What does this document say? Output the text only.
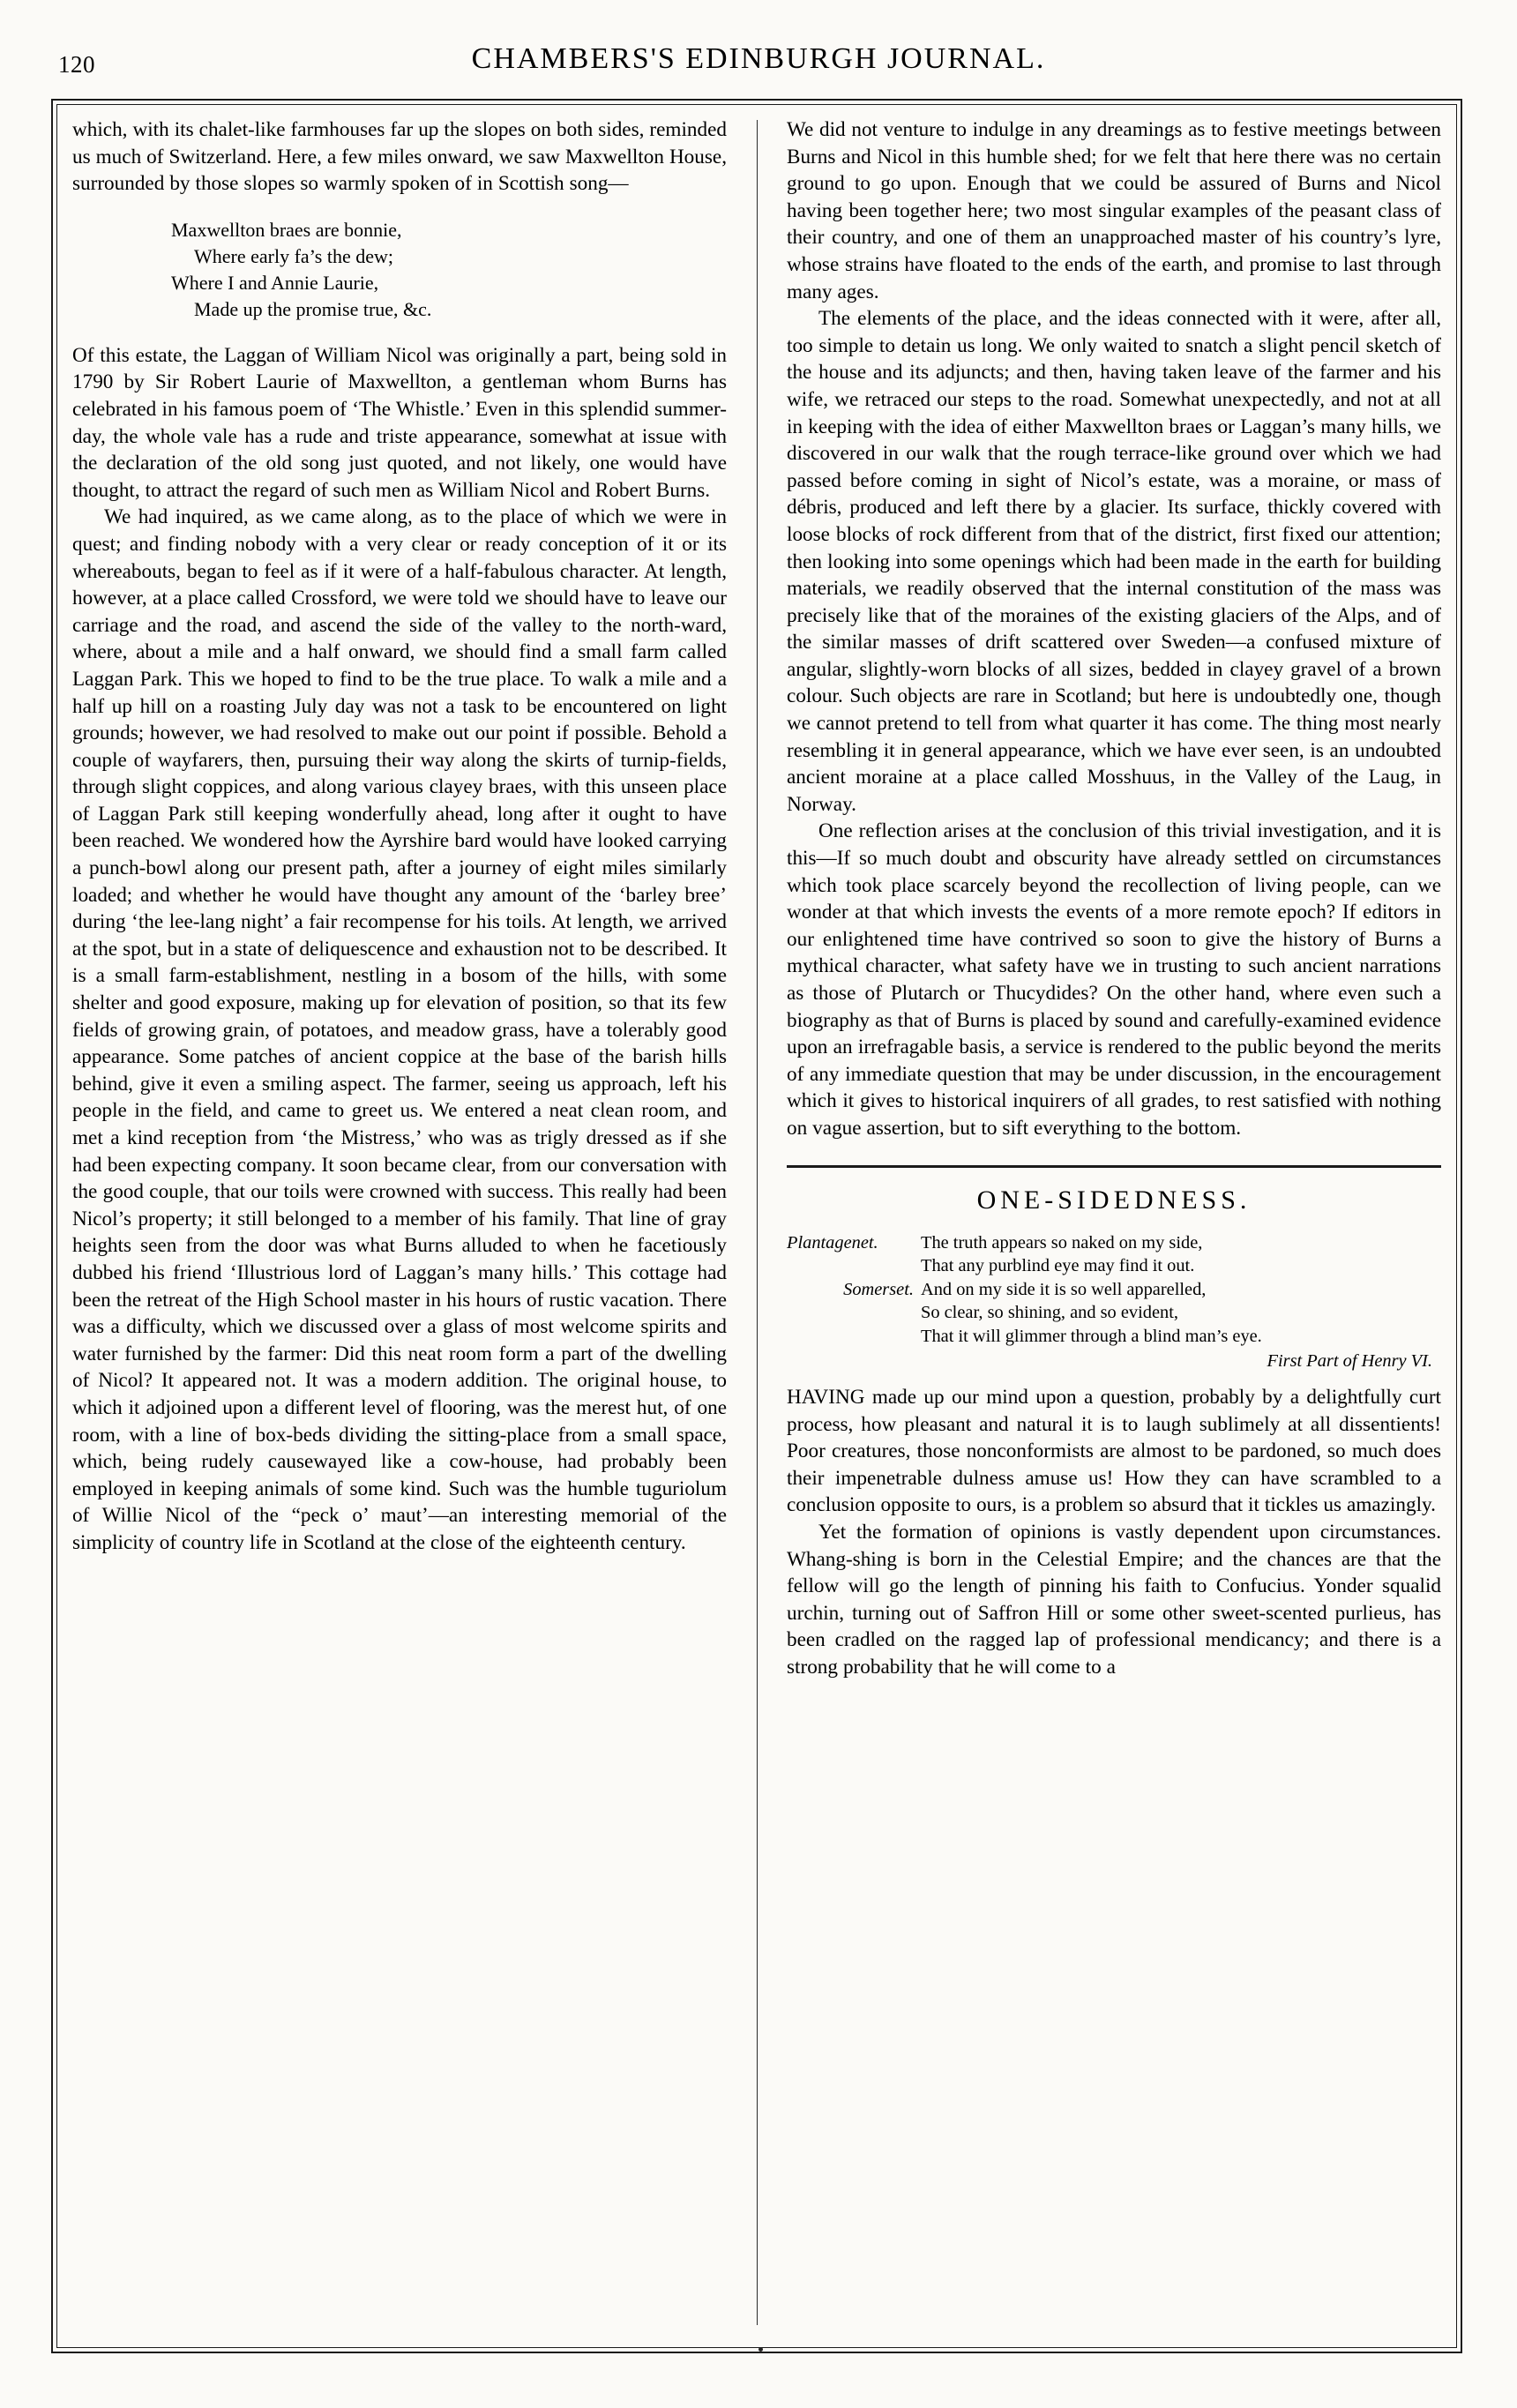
120	CHAMBERS'S EDINBURGH JOURNAL.

which, with its chalet-like farmhouses far up the slopes on both sides, reminded us much of Switzerland. Here, a few miles onward, we saw Maxwellton House, surrounded by those slopes so warmly spoken of in Scottish song—

Maxwellton braes are bonnie,
Where early fa’s the dew;
Where I and Annie Laurie,
Made up the promise true, &c.

Of this estate, the Laggan of William Nicol was originally a part, being sold in 1790 by Sir Robert Laurie of Maxwellton, a gentleman whom Burns has celebrated in his famous poem of ‘The Whistle.’ Even in this splendid summer-day, the whole vale has a rude and triste appearance, somewhat at issue with the declaration of the old song just quoted, and not likely, one would have thought, to attract the regard of such men as William Nicol and Robert Burns.

We had inquired, as we came along, as to the place of which we were in quest; and finding nobody with a very clear or ready conception of it or its whereabouts, began to feel as if it were of a half-fabulous character. At length, however, at a place called Crossford, we were told we should have to leave our carriage and the road, and ascend the side of the valley to the north-ward, where, about a mile and a half onward, we should find a small farm called Laggan Park. This we hoped to find to be the true place. To walk a mile and a half up hill on a roasting July day was not a task to be encountered on light grounds; however, we had resolved to make out our point if possible. Behold a couple of wayfarers, then, pursuing their way along the skirts of turnip-fields, through slight coppices, and along various clayey braes, with this unseen place of Laggan Park still keeping wonderfully ahead, long after it ought to have been reached. We wondered how the Ayrshire bard would have looked carrying a punch-bowl along our present path, after a journey of eight miles similarly loaded; and whether he would have thought any amount of the ‘barley bree’ during ‘the lee-lang night’ a fair recompense for his toils. At length, we arrived at the spot, but in a state of deliquescence and exhaustion not to be described. It is a small farm-establishment, nestling in a bosom of the hills, with some shelter and good exposure, making up for elevation of position, so that its few fields of growing grain, of potatoes, and meadow grass, have a tolerably good appearance. Some patches of ancient coppice at the base of the barish hills behind, give it even a smiling aspect. The farmer, seeing us approach, left his people in the field, and came to greet us. We entered a neat clean room, and met a kind reception from ‘the Mistress,’ who was as trigly dressed as if she had been expecting company. It soon became clear, from our conversation with the good couple, that our toils were crowned with success. This really had been Nicol’s property; it still belonged to a member of his family. That line of gray heights seen from the door was what Burns alluded to when he facetiously dubbed his friend ‘Illustrious lord of Laggan’s many hills.’ This cottage had been the retreat of the High School master in his hours of rustic vacation. There was a difficulty, which we discussed over a glass of most welcome spirits and water furnished by the farmer: Did this neat room form a part of the dwelling of Nicol? It appeared not. It was a modern addition. The original house, to which it adjoined upon a different level of flooring, was the merest hut, of one room, with a line of box-beds dividing the sitting-place from a small space, which, being rudely causewayed like a cow-house, had probably been employed in keeping animals of some kind. Such was the humble tuguriolum of Willie Nicol of the “peck o’ maut’—an interesting memorial of the simplicity of country life in Scotland at the close of the eighteenth century.

We did not venture to indulge in any dreamings as to festive meetings between Burns and Nicol in this humble shed; for we felt that here there was no certain ground to go upon. Enough that we could be assured of Burns and Nicol having been together here; two most singular examples of the peasant class of their country, and one of them an unapproached master of his country’s lyre, whose strains have floated to the ends of the earth, and promise to last through many ages.

The elements of the place, and the ideas connected with it were, after all, too simple to detain us long. We only waited to snatch a slight pencil sketch of the house and its adjuncts; and then, having taken leave of the farmer and his wife, we retraced our steps to the road. Somewhat unexpectedly, and not at all in keeping with the idea of either Maxwellton braes or Laggan’s many hills, we discovered in our walk that the rough terrace-like ground over which we had passed before coming in sight of Nicol’s estate, was a moraine, or mass of débris, produced and left there by a glacier. Its surface, thickly covered with loose blocks of rock different from that of the district, first fixed our attention; then looking into some openings which had been made in the earth for building materials, we readily observed that the internal constitution of the mass was precisely like that of the moraines of the existing glaciers of the Alps, and of the similar masses of drift scattered over Sweden—a confused mixture of angular, slightly-worn blocks of all sizes, bedded in clayey gravel of a brown colour. Such objects are rare in Scotland; but here is undoubtedly one, though we cannot pretend to tell from what quarter it has come. The thing most nearly resembling it in general appearance, which we have ever seen, is an undoubted ancient moraine at a place called Mosshuus, in the Valley of the Laug, in Norway.

One reflection arises at the conclusion of this trivial investigation, and it is this—If so much doubt and obscurity have already settled on circumstances which took place scarcely beyond the recollection of living people, can we wonder at that which invests the events of a more remote epoch? If editors in our enlightened time have contrived so soon to give the history of Burns a mythical character, what safety have we in trusting to such ancient narrations as those of Plutarch or Thucydides? On the other hand, where even such a biography as that of Burns is placed by sound and carefully-examined evidence upon an irrefragable basis, a service is rendered to the public beyond the merits of any immediate question that may be under discussion, in the encouragement which it gives to historical inquirers of all grades, to rest satisfied with nothing on vague assertion, but to sift everything to the bottom.

ONE-SIDEDNESS.
Plantagenet. The truth appears so naked on my side,
That any purblind eye may find it out.
Somerset. And on my side it is so well apparelled,
So clear, so shining, and so evident,
That it will glimmer through a blind man’s eye.
First Part of Henry VI.

HAVING made up our mind upon a question, probably by a delightfully curt process, how pleasant and natural it is to laugh sublimely at all dissentients! Poor creatures, those nonconformists are almost to be pardoned, so much does their impenetrable dulness amuse us! How they can have scrambled to a conclusion opposite to ours, is a problem so absurd that it tickles us amazingly.

Yet the formation of opinions is vastly dependent upon circumstances. Whang-shing is born in the Celestial Empire; and the chances are that the fellow will go the length of pinning his faith to Confucius. Yonder squalid urchin, turning out of Saffron Hill or some other sweet-scented purlieus, has been cradled on the ragged lap of professional mendicancy; and there is a strong probability that he will come to a
